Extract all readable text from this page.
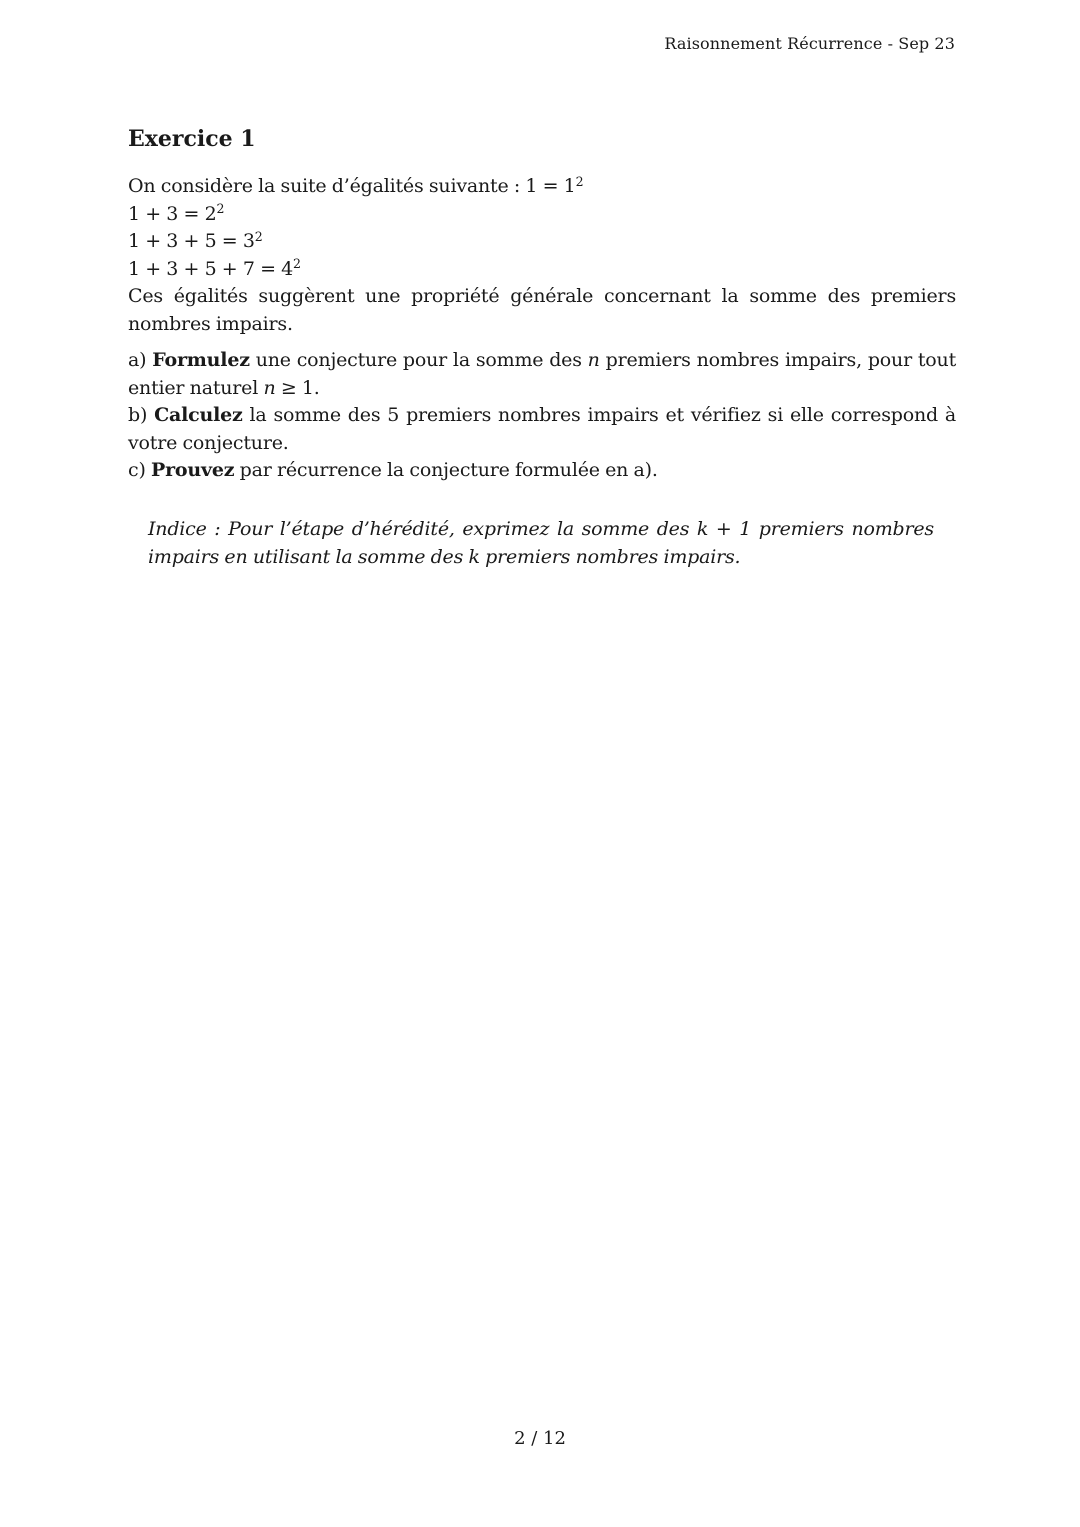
Raisonnement Récurrence - Sep 23
Exercice 1
On considère la suite d’égalités suivante : $1 = 1^2$
$1 + 3 = 2^2$
$1 + 3 + 5 = 3^2$
$1 + 3 + 5 + 7 = 4^2$
Ces égalités suggèrent une propriété générale concernant la somme des premiers nombres impairs.

a) Formulez une conjecture pour la somme des n premiers nombres impairs, pour tout entier naturel n ≥ 1.

b) Calculez la somme des 5 premiers nombres impairs et vérifiez si elle correspond à votre conjecture.

c) Prouvez par récurrence la conjecture formulée en a).

Indice : Pour l’étape d’hérédité, exprimez la somme des k + 1 premiers nombres impairs en utilisant la somme des k premiers nombres impairs.
2 / 12
